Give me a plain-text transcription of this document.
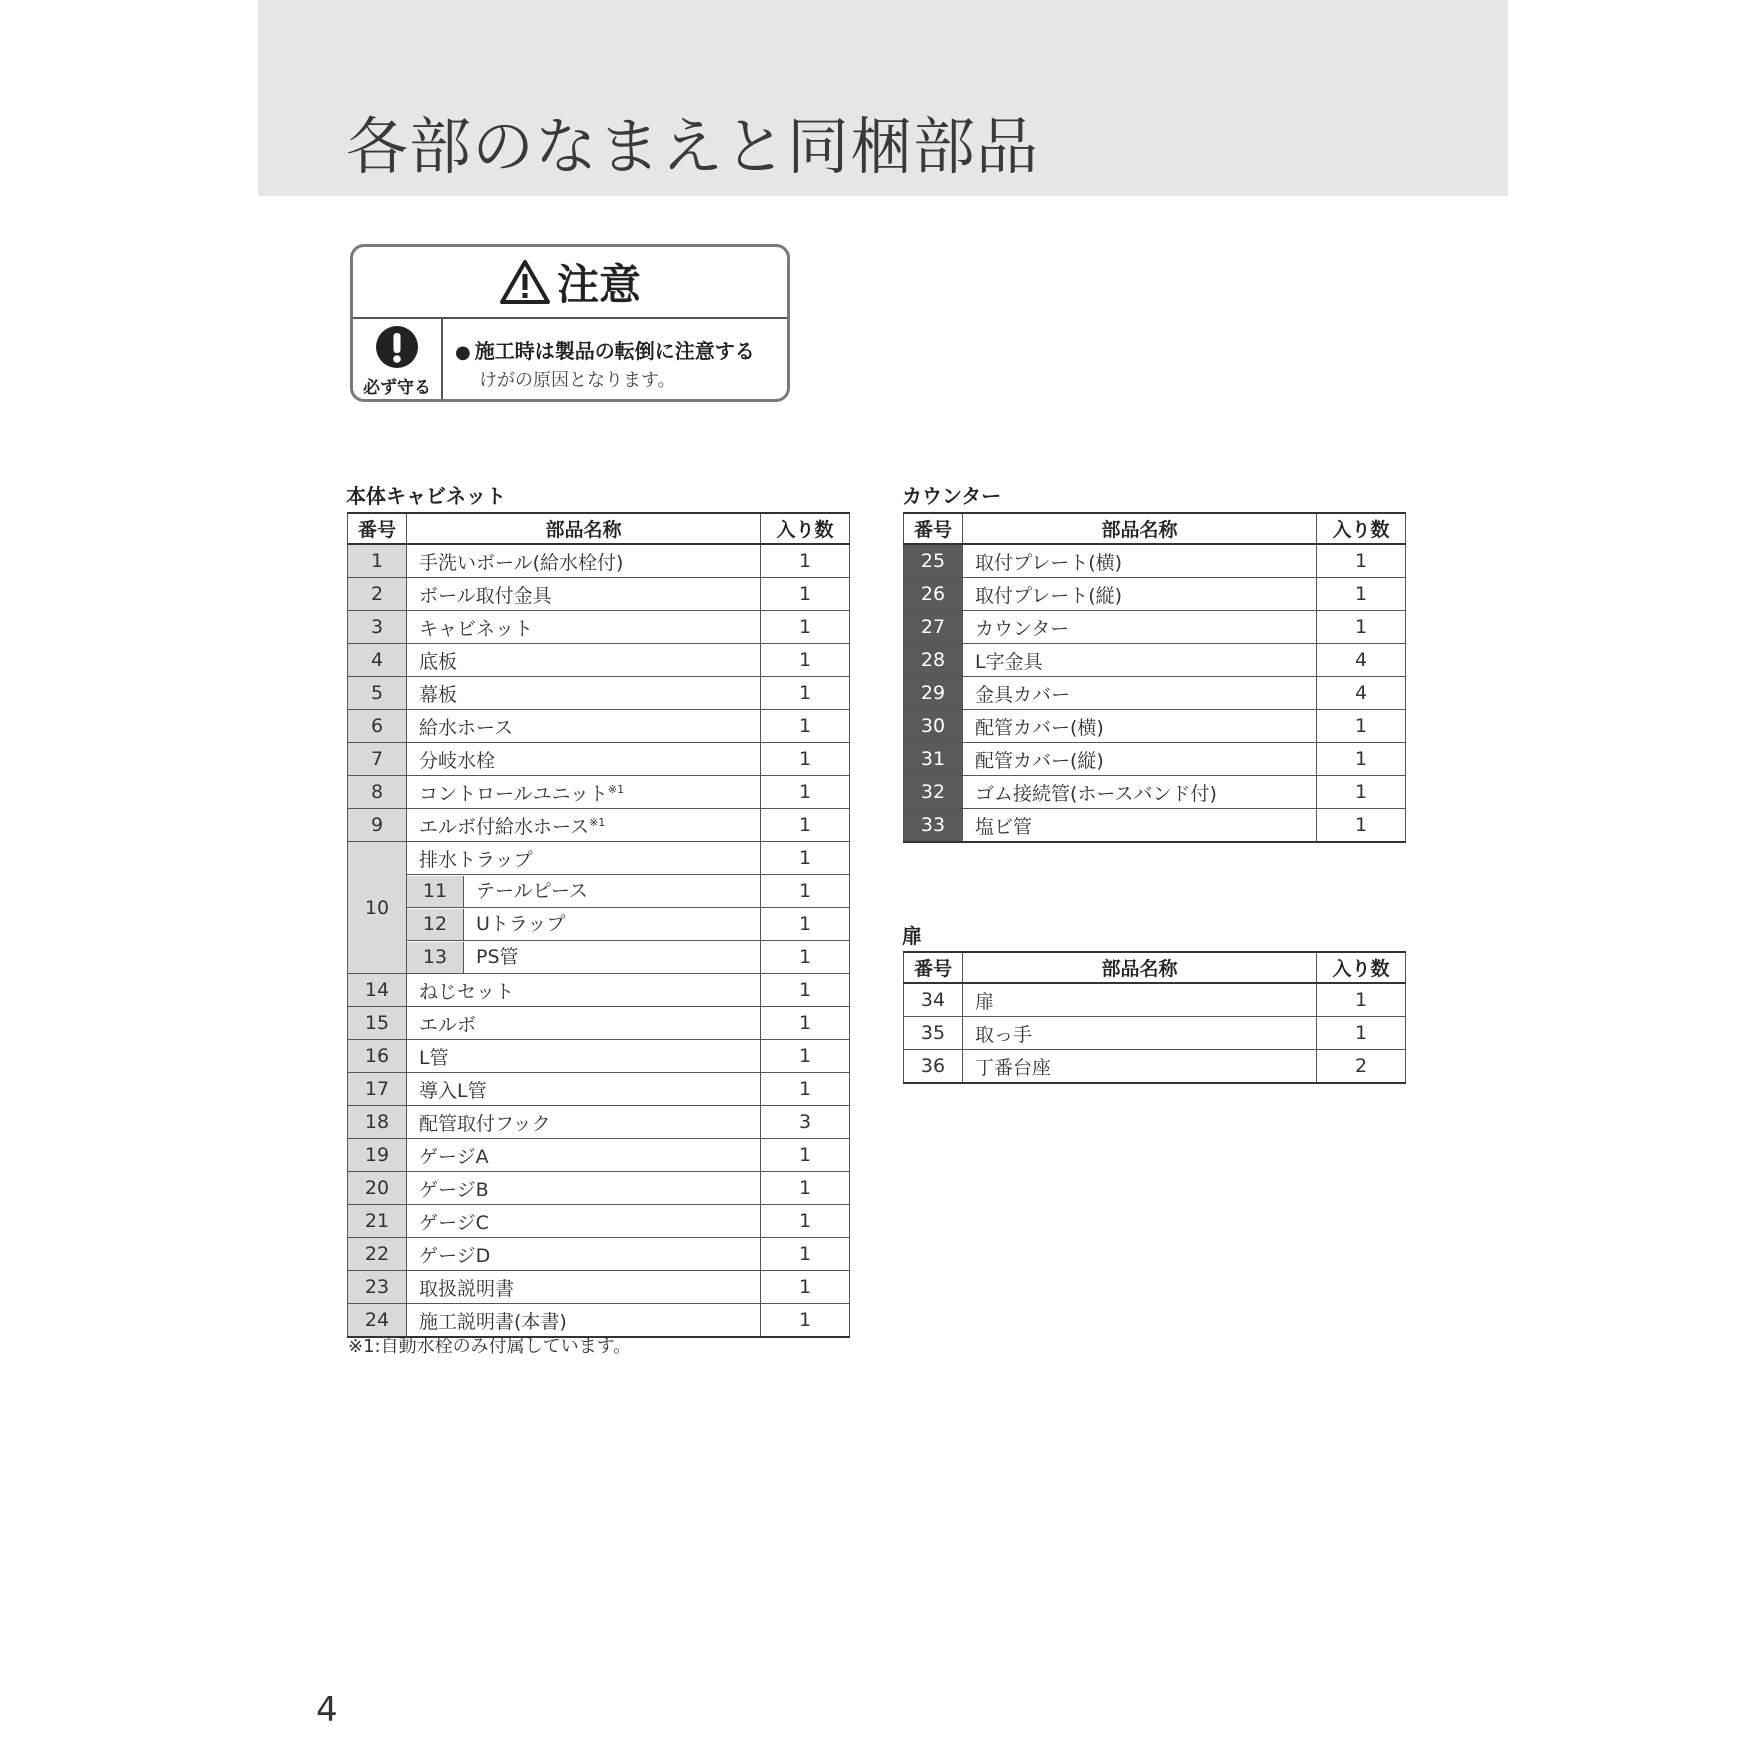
各部のなまえと同梱部品
注意
必ず守る
● 施工時は製品の転倒に注意する
けがの原因となります。
本体キャビネット
番号	部品名称	入り数
1	手洗いボール(給水栓付)	1
2	ボール取付金具	1
3	キャビネット	1
4	底板	1
5	幕板	1
6	給水ホース	1
7	分岐水栓	1
8	コントロールユニット$^{※1}$	1
9	エルボ付給水ホース$^{※1}$	1
10	排水トラップ	1
	11 テールピース	1
	12 Uトラップ	1
	13 PS管	1
14	ねじセット	1
15	エルボ	1
16	L管	1
17	導入L管	1
18	配管取付フック	3
19	ゲージA	1
20	ゲージB	1
21	ゲージC	1
22	ゲージD	1
23	取扱説明書	1
24	施工説明書(本書)	1
※1:自動水栓のみ付属しています。
カウンター
番号	部品名称	入り数
25	取付プレート(横)	1
26	取付プレート(縦)	1
27	カウンター	1
28	L字金具	4
29	金具カバー	4
30	配管カバー(横)	1
31	配管カバー(縦)	1
32	ゴム接続管(ホースバンド付)	1
33	塩ビ管	1
扉
番号	部品名称	入り数
34	扉	1
35	取っ手	1
36	丁番台座	2
4
